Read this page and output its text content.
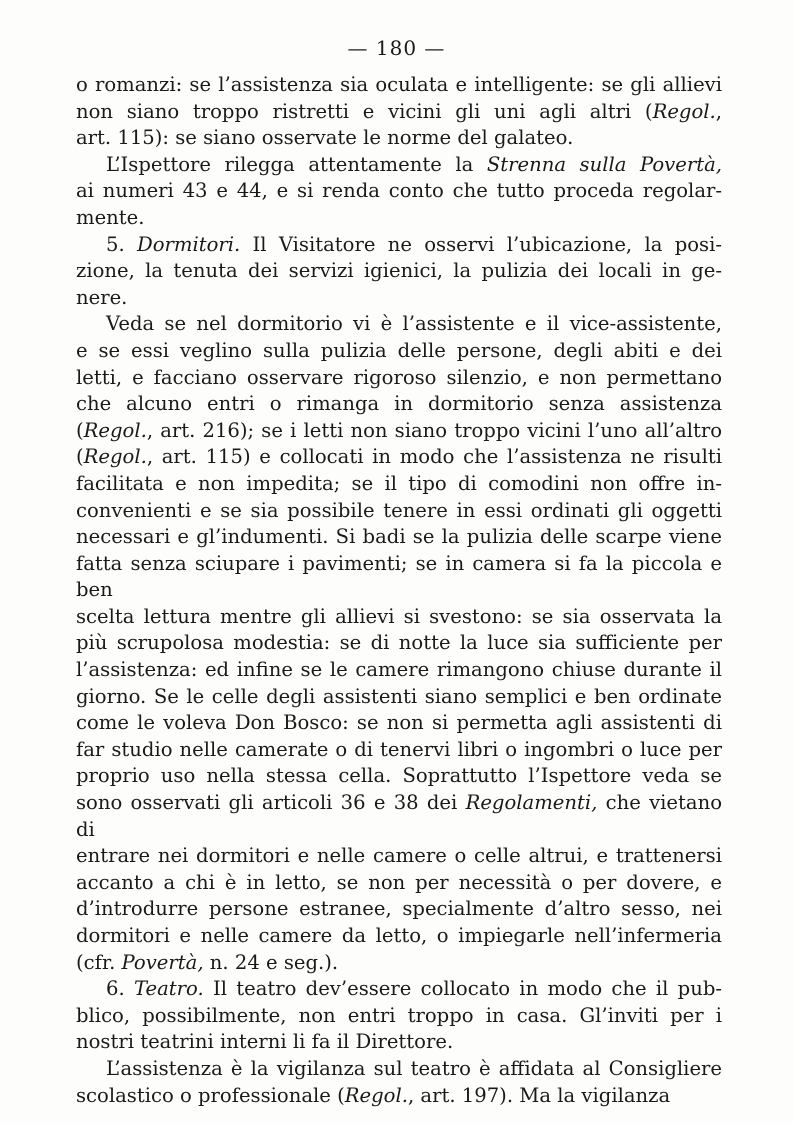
— 180 —

o romanzi: se l’assistenza sia oculata e intelligente: se gli allievi

non siano troppo ristretti e vicini gli uni agli altri (Regol.,

art. 115): se siano osservate le norme del galateo.

L’Ispettore rilegga attentamente la Strenna sulla Povertà,

ai numeri 43 e 44, e si renda conto che tutto proceda regolar-

mente.

5. Dormitori. Il Visitatore ne osservi l’ubicazione, la posi-

zione, la tenuta dei servizi igienici, la pulizia dei locali in ge-

nere.

Veda se nel dormitorio vi è l’assistente e il vice-assistente,

e se essi veglino sulla pulizia delle persone, degli abiti e dei

letti, e facciano osservare rigoroso silenzio, e non permettano

che alcuno entri o rimanga in dormitorio senza assistenza

(Regol., art. 216); se i letti non siano troppo vicini l’uno all’altro

(Regol., art. 115) e collocati in modo che l’assistenza ne risulti

facilitata e non impedita; se il tipo di comodini non offre in-

convenienti e se sia possibile tenere in essi ordinati gli oggetti

necessari e gl’indumenti. Si badi se la pulizia delle scarpe viene

fatta senza sciupare i pavimenti; se in camera si fa la piccola e ben

scelta lettura mentre gli allievi si svestono: se sia osservata la

più scrupolosa modestia: se di notte la luce sia sufficiente per

l’assistenza: ed infine se le camere rimangono chiuse durante il

giorno. Se le celle degli assistenti siano semplici e ben ordinate

come le voleva Don Bosco: se non si permetta agli assistenti di

far studio nelle camerate o di tenervi libri o ingombri o luce per

proprio uso nella stessa cella. Soprattutto l’Ispettore veda se

sono osservati gli articoli 36 e 38 dei Regolamenti, che vietano di

entrare nei dormitori e nelle camere o celle altrui, e trattenersi

accanto a chi è in letto, se non per necessità o per dovere, e

d’introdurre persone estranee, specialmente d’altro sesso, nei

dormitori e nelle camere da letto, o impiegarle nell’infermeria

(cfr. Povertà, n. 24 e seg.).

6. Teatro. Il teatro dev’essere collocato in modo che il pub-

blico, possibilmente, non entri troppo in casa. Gl’inviti per i

nostri teatrini interni li fa il Direttore.

L’assistenza è la vigilanza sul teatro è affidata al Consigliere

scolastico o professionale (Regol., art. 197). Ma la vigilanza
